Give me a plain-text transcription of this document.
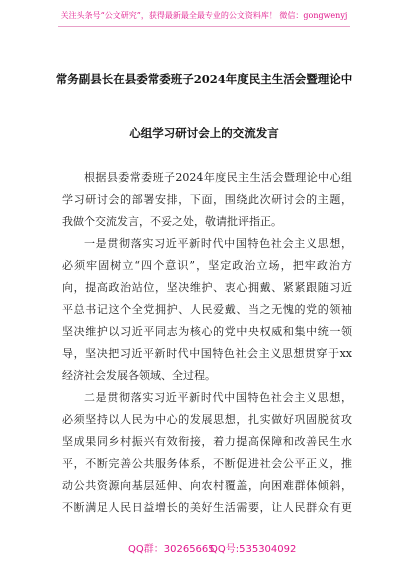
关注头条号“公文研究”，获得最新最全最专业的公文资料库！ 微信：gongwenyj
常务副县长在县委常委班子2024年度民主生活会暨理论中
心组学习研讨会上的交流发言
根据县委常委班子2024年度民主生活会暨理论中心组
学习研讨会的部署安排，下面，围绕此次研讨会的主题，
我做个交流发言，不妥之处，敬请批评指正。
一是贯彻落实习近平新时代中国特色社会主义思想，
必须牢固树立“四个意识”，坚定政治立场，把牢政治方
向，提高政治站位，坚决维护、衷心拥戴、紧紧跟随习近
平总书记这个全党拥护、人民爱戴、当之无愧的党的领袖
坚决维护以习近平同志为核心的党中央权威和集中统一领
导，坚决把习近平新时代中国特色社会主义思想贯穿于xx
经济社会发展各领域、全过程。
二是贯彻落实习近平新时代中国特色社会主义思想，
必须坚持以人民为中心的发展思想，扎实做好巩固脱贫攻
坚成果同乡村振兴有效衔接，着力提高保障和改善民生水
平，不断完善公共服务体系，不断促进社会公平正义，推
动公共资源向基层延伸、向农村覆盖，向困难群体倾斜，
不断满足人民日益增长的美好生活需要，让人民群众有更
QQ群：30265665
QQ号:535304092
